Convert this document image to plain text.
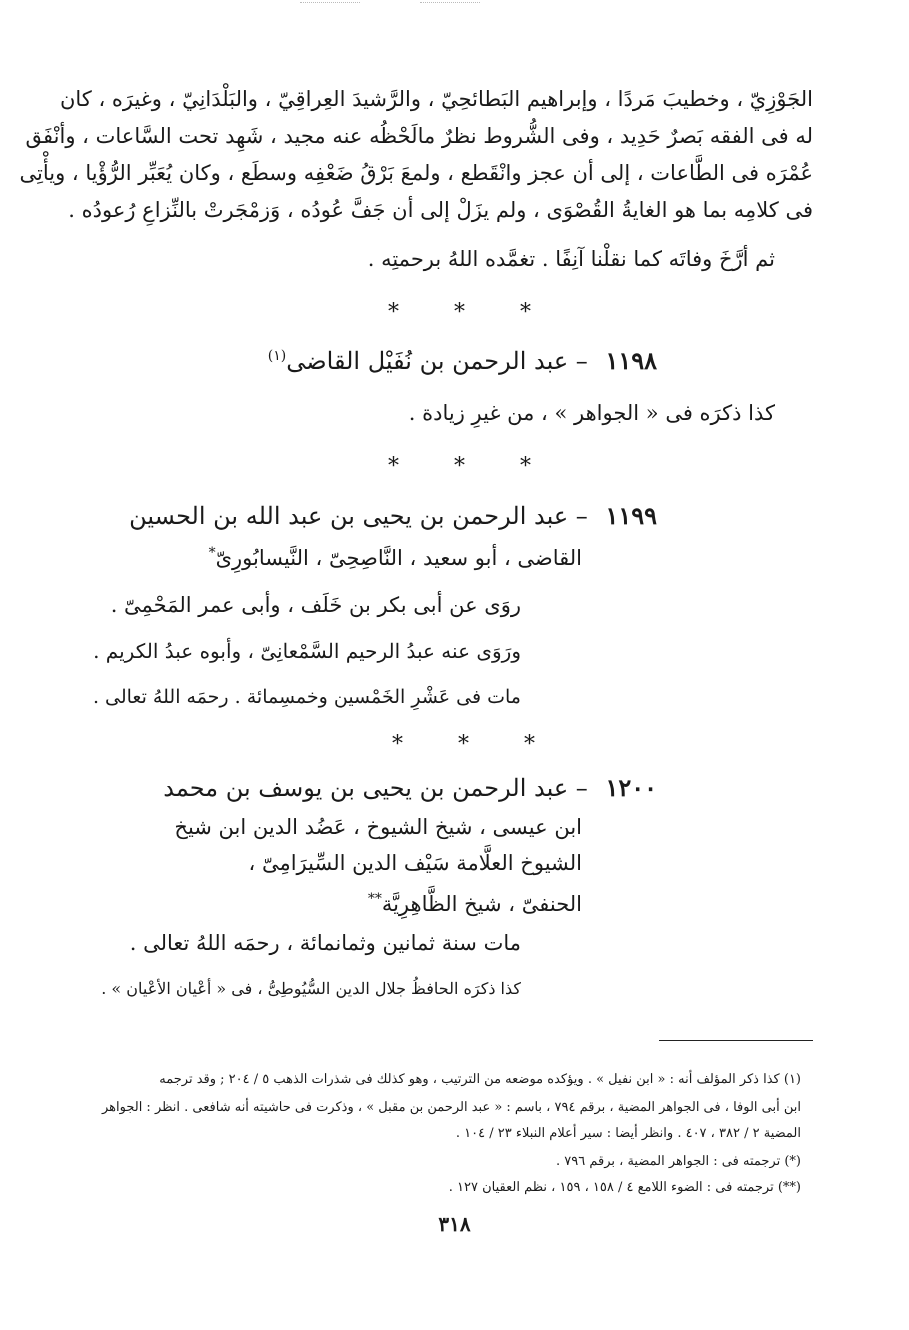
الجَوْزِيّ ، وخطيبَ مَردًا ، وإبراهيم البَطائحِيّ ، والرَّشيدَ العِراقِيّ ، والبَلْدَانِيّ ، وغيرَه ، كان
له فى الفقه بَصرٌ حَدِيد ، وفى الشُّروط نظرٌ مالَحْظُه عنه مجيد ، شَهِد تحت السَّاعات ، وأنْفَق
عُمْرَه فى الطَّاعات ، إلى أن عجز وانْقَطع ، ولمعَ بَرْقُ ضَعْفِه وسطَع ، وكان يُعَبِّر الرُّؤْيا ، ويأْتِى
فى كلامِه بما هو الغايةُ القُصْوَى ، ولم يزَلْ إلى أن جَفَّ عُودُه ، وَزمْجَرتْ بالنِّزاعِ رُعودُه .
ثم أرَّخَ وفاتَه كما نقلْنا آنِفًا . تغمَّده اللهُ برحمتِه .
* * *
١١٩٨ – عبد الرحمن بن نُفَيْل القاضى$^{(١)}$
كذا ذكرَه فى « الجواهر » ، من غيرِ زيادة .
* * *
١١٩٩ – عبد الرحمن بن يحيى بن عبد الله بن الحسين
القاضى ، أبو سعيد ، النَّاصِحِىّ ، النَّيسابُورِىّ*
روَى عن أبى بكر بن خَلَف ، وأبى عمر المَحْمِىّ .
ورَوَى عنه عبدُ الرحيم السَّمْعانِىّ ، وأبوه عبدُ الكريم .
مات فى عَشْرِ الخَمْسين وخمسِمائة . رحمَه اللهُ تعالى .
* * *
١٢٠٠ – عبد الرحمن بن يحيى بن يوسف بن محمد
ابن عيسى ، شيخ الشيوخ ، عَضُد الدين ابن شيخ
الشيوخ العلَّامة سَيْف الدين السِّيرَامِىّ ،
الحنفىّ ، شيخ الظَّاهِرِيَّة**
مات سنة ثمانين وثمانمائة ، رحمَه اللهُ تعالى .
كذا ذكرَه الحافظُ جلال الدين السُّيُوطِىُّ ، فى « أعْيان الأعْيان » .
(١) كذا ذكر المؤلف أنه : « ابن نفيل » . ويؤكده موضعه من الترتيب ، وهو كذلك فى شذرات الذهب ٥ / ٢٠٤ ; وقد ترجمه
ابن أبى الوفا ، فى الجواهر المضية ، برقم ٧٩٤ ، باسم : « عبد الرحمن بن مقبل » ، وذكرت فى حاشيته أنه شافعى . انظر : الجواهر
المضية ٢ / ٣٨٢ ، ٤٠٧ . وانظر أيضا : سير أعلام النبلاء ٢٣ / ١٠٤ .
(*) ترجمته فى : الجواهر المضية ، برقم ٧٩٦ .
(**) ترجمته فى : الضوء اللامع ٤ / ١٥٨ ، ١٥٩ ، نظم العقيان ١٢٧ .
٣١٨
